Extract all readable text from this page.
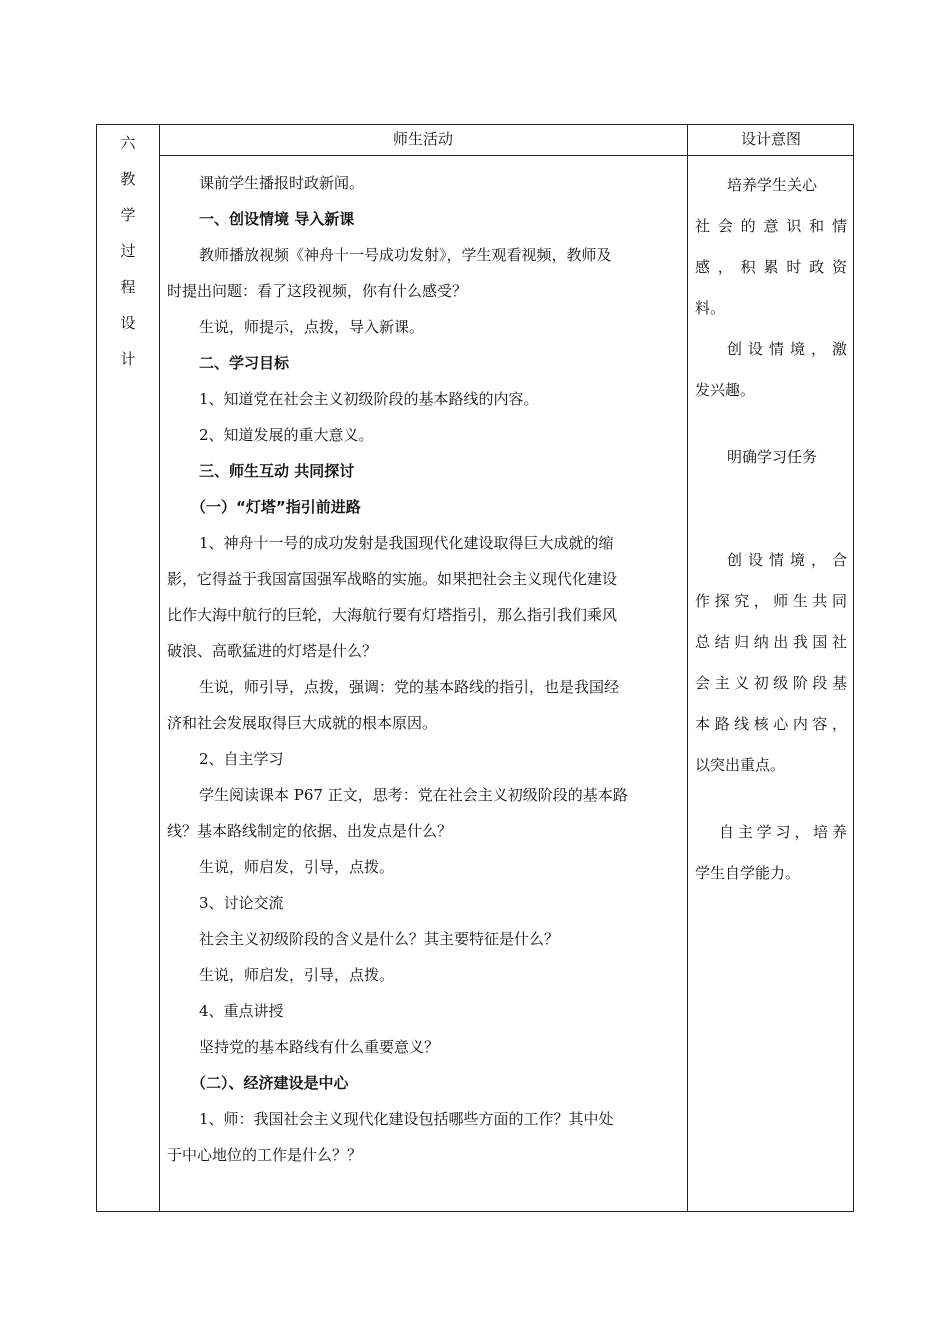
六
教
学
过
程
设
计
师生活动	设计意图

课前学生播报时政新闻。

一、创设情境 导入新课

教师播放视频《神舟十一号成功发射》，学生观看视频，教师及

时提出问题：看了这段视频，你有什么感受？

生说，师提示，点拨，导入新课。

二、学习目标

1、知道党在社会主义初级阶段的基本路线的内容。

2、知道发展的重大意义。

三、师生互动 共同探讨

（一）“灯塔”指引前进路

1、神舟十一号的成功发射是我国现代化建设取得巨大成就的缩

影，它得益于我国富国强军战略的实施。如果把社会主义现代化建设

比作大海中航行的巨轮，大海航行要有灯塔指引，那么指引我们乘风

破浪、高歌猛进的灯塔是什么？

生说，师引导，点拨，强调：党的基本路线的指引，也是我国经

济和社会发展取得巨大成就的根本原因。

2、自主学习

学生阅读课本 P67 正文，思考：党在社会主义初级阶段的基本路

线？基本路线制定的依据、出发点是什么？

生说，师启发，引导，点拨。

3、讨论交流

社会主义初级阶段的含义是什么？其主要特征是什么？

生说，师启发，引导，点拨。

4、重点讲授

坚持党的基本路线有什么重要意义？

（二）、经济建设是中心

1、师：我国社会主义现代化建设包括哪些方面的工作？其中处

于中心地位的工作是什么？？

培养学生关心

社会的意识和情

感，积累时政资

料。

创设情境，激

发兴趣。

明确学习任务

创设情境，合

作探究，师生共同

总结归纳出我国社

会主义初级阶段基

本路线核心内容，

以突出重点。

自主学习，培养

学生自学能力。
